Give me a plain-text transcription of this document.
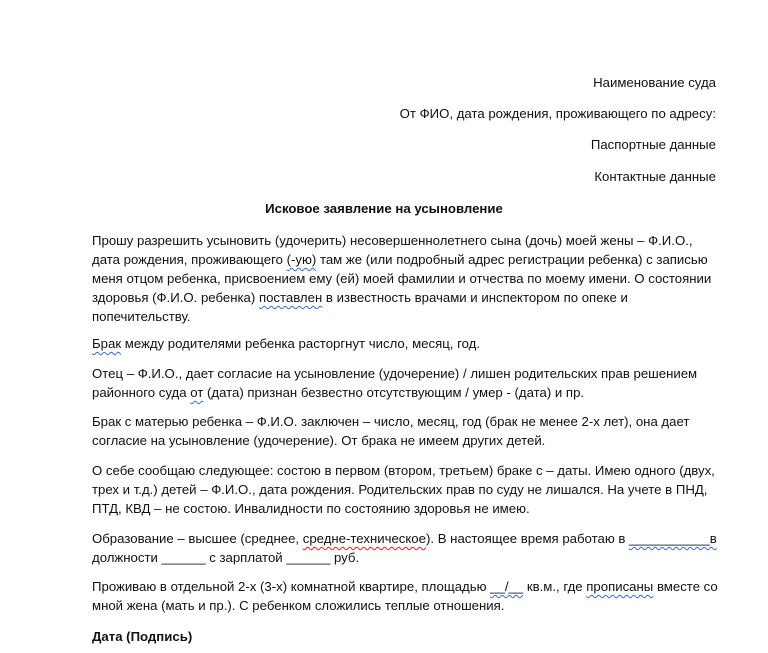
Наименование суда
От ФИО, дата рождения, проживающего по адресу:
Паспортные данные
Контактные данные
Исковое заявление на усыновление
Прошу разрешить усыновить (удочерить) несовершеннолетнего сына (дочь) моей жены – Ф.И.О., дата рождения, проживающего (-ую) там же (или подробный адрес регистрации ребенка) с записью меня отцом ребенка, присвоением ему (ей) моей фамилии и отчества по моему имени. О состоянии здоровья (Ф.И.О. ребенка) поставлен в известность врачами и инспектором по опеке и попечительству.
Брак между родителями ребенка расторгнут число, месяц, год.
Отец – Ф.И.О., дает согласие на усыновление (удочерение) / лишен родительских прав решением районного суда от (дата) признан безвестно отсутствующим / умер - (дата) и пр.
Брак с матерью ребенка – Ф.И.О. заключен – число, месяц, год (брак не менее 2-х лет), она дает согласие на усыновление (удочерение). От брака не имеем других детей.
О себе сообщаю следующее: состою в первом (втором, третьем) браке с – даты. Имею одного (двух, трех и т.д.) детей – Ф.И.О., дата рождения. Родительских прав по суду не лишался. На учете в ПНД, ПТД, КВД – не состою. Инвалидности по состоянию здоровья не имею.
Образование – высшее (среднее, средне-техническое). В настоящее время работаю в ___________в должности ______ с зарплатой ______ руб.
Проживаю в отдельной 2-х (3-х) комнатной квартире, площадью __/__ кв.м., где прописаны вместе со мной жена (мать и пр.). С ребенком сложились теплые отношения.
Дата (Подпись)
